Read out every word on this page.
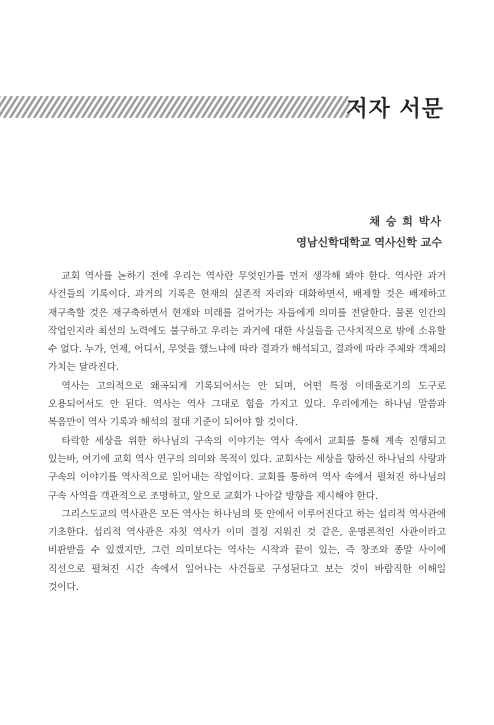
저자 서문
채 승 희 박사
영남신학대학교 역사신학 교수

교회 역사를 논하기 전에 우리는 역사란 무엇인가를 먼저 생각해 봐야 한다. 역사란 과거 사건들의 기록이다. 과거의 기록은 현재의 실존적 자리와 대화하면서, 배제할 것은 배제하고 재구축할 것은 재구축하면서 현재와 미래를 걸어가는 자들에게 의미를 전달한다. 물론 인간의 작업인지라 최선의 노력에도 불구하고 우리는 과거에 대한 사실들을 근사치적으로 밖에 소유할 수 없다. 누가, 언제, 어디서, 무엇을 했느냐에 따라 결과가 해석되고, 결과에 따라 주체와 객체의 가치는 달라진다.

역사는 고의적으로 왜곡되게 기록되어서는 안 되며, 어떤 특정 이데올로기의 도구로 오용되어서도 안 된다. 역사는 역사 그대로 힘을 가지고 있다. 우리에게는 하나님 말씀과 복음만이 역사 기록과 해석의 절대 기준이 되어야 할 것이다.

타락한 세상을 위한 하나님의 구속의 이야기는 역사 속에서 교회를 통해 계속 진행되고 있는바, 여기에 교회 역사 연구의 의미와 목적이 있다. 교회사는 세상을 향하신 하나님의 사랑과 구속의 이야기를 역사적으로 읽어내는 작업이다. 교회를 통하여 역사 속에서 펼쳐진 하나님의 구속 사역을 객관적으로 조명하고, 앞으로 교회가 나아갈 방향을 제시해야 한다.

그리스도교의 역사관은 모든 역사는 하나님의 뜻 안에서 이루어진다고 하는 섭리적 역사관에 기초한다. 섭리적 역사관은 자칫 역사가 이미 결정 지워진 것 같은, 운명론적인 사관이라고 비판받을 수 있겠지만, 그런 의미보다는 역사는 시작과 끝이 있는, 즉 창조와 종말 사이에 직선으로 펼쳐진 시간 속에서 일어나는 사건들로 구성된다고 보는 것이 바람직한 이해일 것이다.
